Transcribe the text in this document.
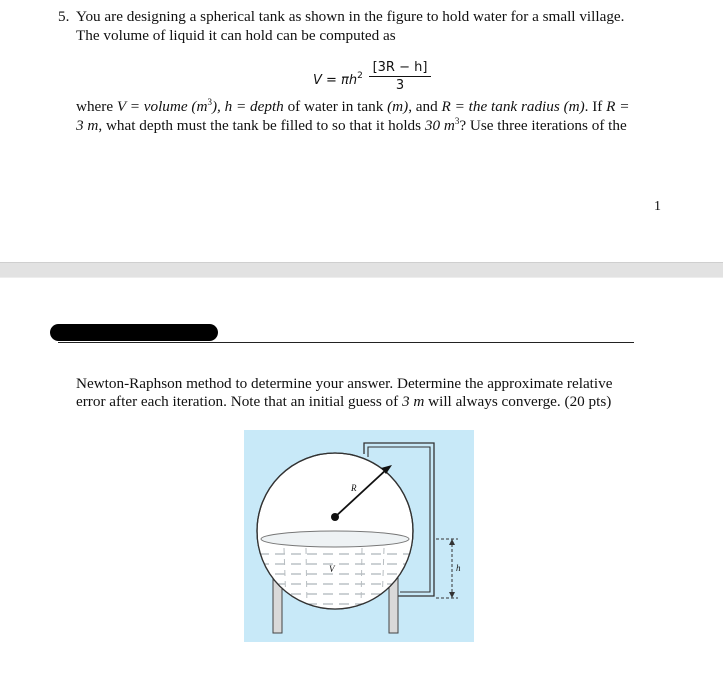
5. You are designing a spherical tank as shown in the figure to hold water for a small village.
The volume of liquid it can hold can be computed as
$V = \pi h^2 \frac{[3R - h]}{3}$
where V = volume $(m^3)$, h = depth of water in tank (m), and R = the tank radius (m). If R =
3 m, what depth must the tank be filled to so that it holds 30 $m^3$? Use three iterations of the
1
Newton-Raphson method to determine your answer. Determine the approximate relative
error after each iteration. Note that an initial guess of 3 m will always converge. (20 pts)
R
V	h
